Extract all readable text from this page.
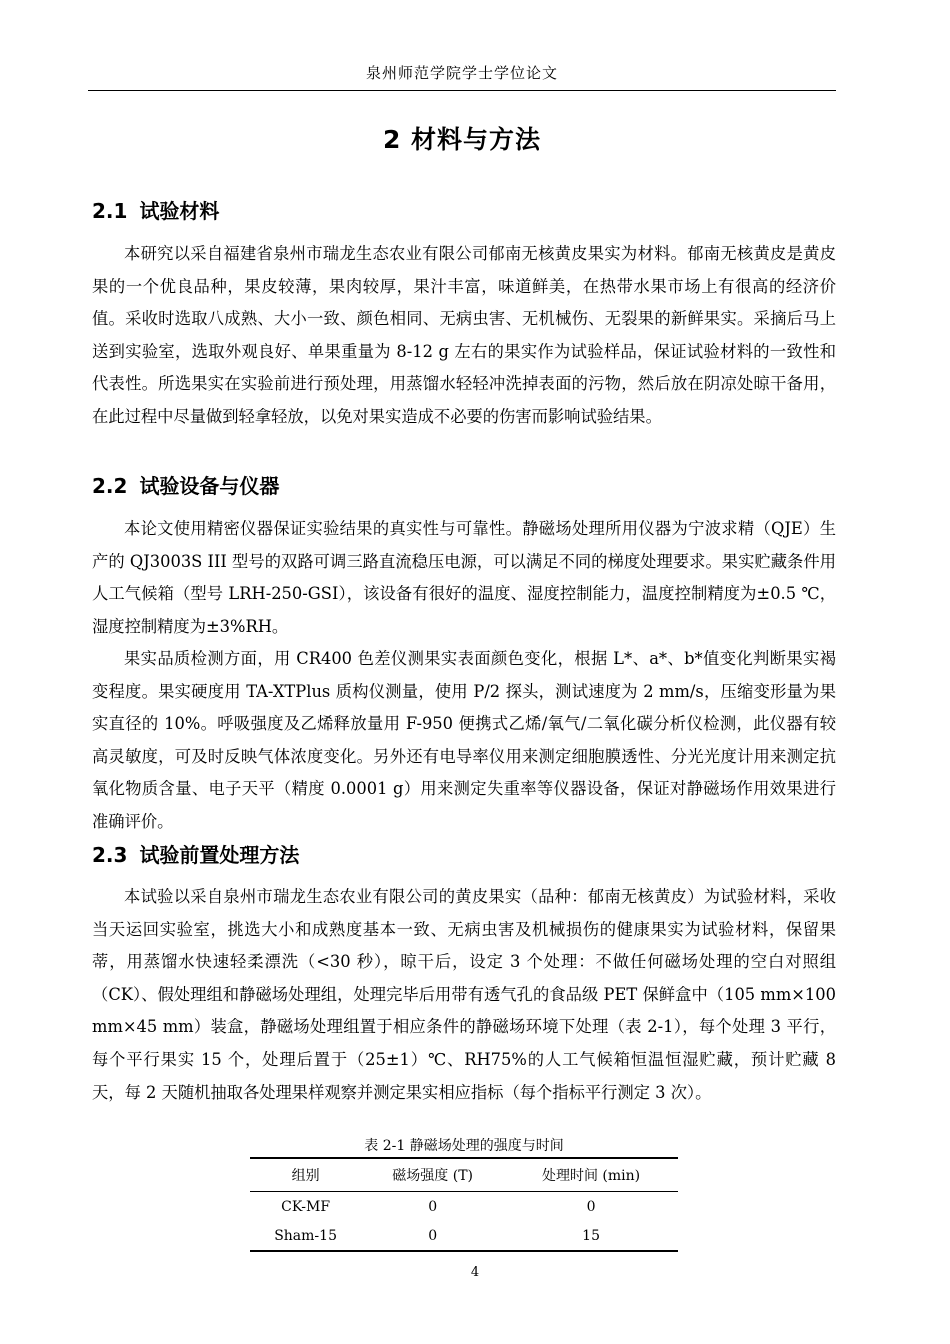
泉州师范学院学士学位论文
2 材料与方法
2.1 试验材料

本研究以采自福建省泉州市瑞龙生态农业有限公司郁南无核黄皮果实为材料。郁南无核黄皮是黄皮果的一个优良品种，果皮较薄，果肉较厚，果汁丰富，味道鲜美，在热带水果市场上有很高的经济价值。采收时选取八成熟、大小一致、颜色相同、无病虫害、无机械伤、无裂果的新鲜果实。采摘后马上送到实验室，选取外观良好、单果重量为 8-12 g 左右的果实作为试验样品，保证试验材料的一致性和代表性。所选果实在实验前进行预处理，用蒸馏水轻轻冲洗掉表面的污物，然后放在阴凉处晾干备用，在此过程中尽量做到轻拿轻放，以免对果实造成不必要的伤害而影响试验结果。

2.2 试验设备与仪器

本论文使用精密仪器保证实验结果的真实性与可靠性。静磁场处理所用仪器为宁波求精（QJE）生产的 QJ3003S III 型号的双路可调三路直流稳压电源，可以满足不同的梯度处理要求。果实贮藏条件用人工气候箱（型号 LRH-250-GSI），该设备有很好的温度、湿度控制能力，温度控制精度为±0.5 ℃，湿度控制精度为±3%RH。

果实品质检测方面，用 CR400 色差仪测果实表面颜色变化，根据 L*、a*、b*值变化判断果实褐变程度。果实硬度用 TA-XTPlus 质构仪测量，使用 P/2 探头，测试速度为 2 mm/s，压缩变形量为果实直径的 10%。呼吸强度及乙烯释放量用 F-950 便携式乙烯/氧气/二氧化碳分析仪检测，此仪器有较高灵敏度，可及时反映气体浓度变化。另外还有电导率仪用来测定细胞膜透性、分光光度计用来测定抗氧化物质含量、电子天平（精度 0.0001 g）用来测定失重率等仪器设备，保证对静磁场作用效果进行准确评价。

2.3 试验前置处理方法

本试验以采自泉州市瑞龙生态农业有限公司的黄皮果实（品种：郁南无核黄皮）为试验材料，采收当天运回实验室，挑选大小和成熟度基本一致、无病虫害及机械损伤的健康果实为试验材料，保留果蒂，用蒸馏水快速轻柔漂洗（<30 秒），晾干后，设定 3 个处理：不做任何磁场处理的空白对照组（CK）、假处理组和静磁场处理组，处理完毕后用带有透气孔的食品级 PET 保鲜盒中（105 mm×100 mm×45 mm）装盒，静磁场处理组置于相应条件的静磁场环境下处理（表 2-1），每个处理 3 平行，每个平行果实 15 个，处理后置于（25±1）℃、RH75%的人工气候箱恒温恒湿贮藏，预计贮藏 8 天，每 2 天随机抽取各处理果样观察并测定果实相应指标（每个指标平行测定 3 次）。

表 2-1 静磁场处理的强度与时间
组别	磁场强度 (T)	处理时间 (min)
CK-MF	0	0
Sham-15	0	15
4
